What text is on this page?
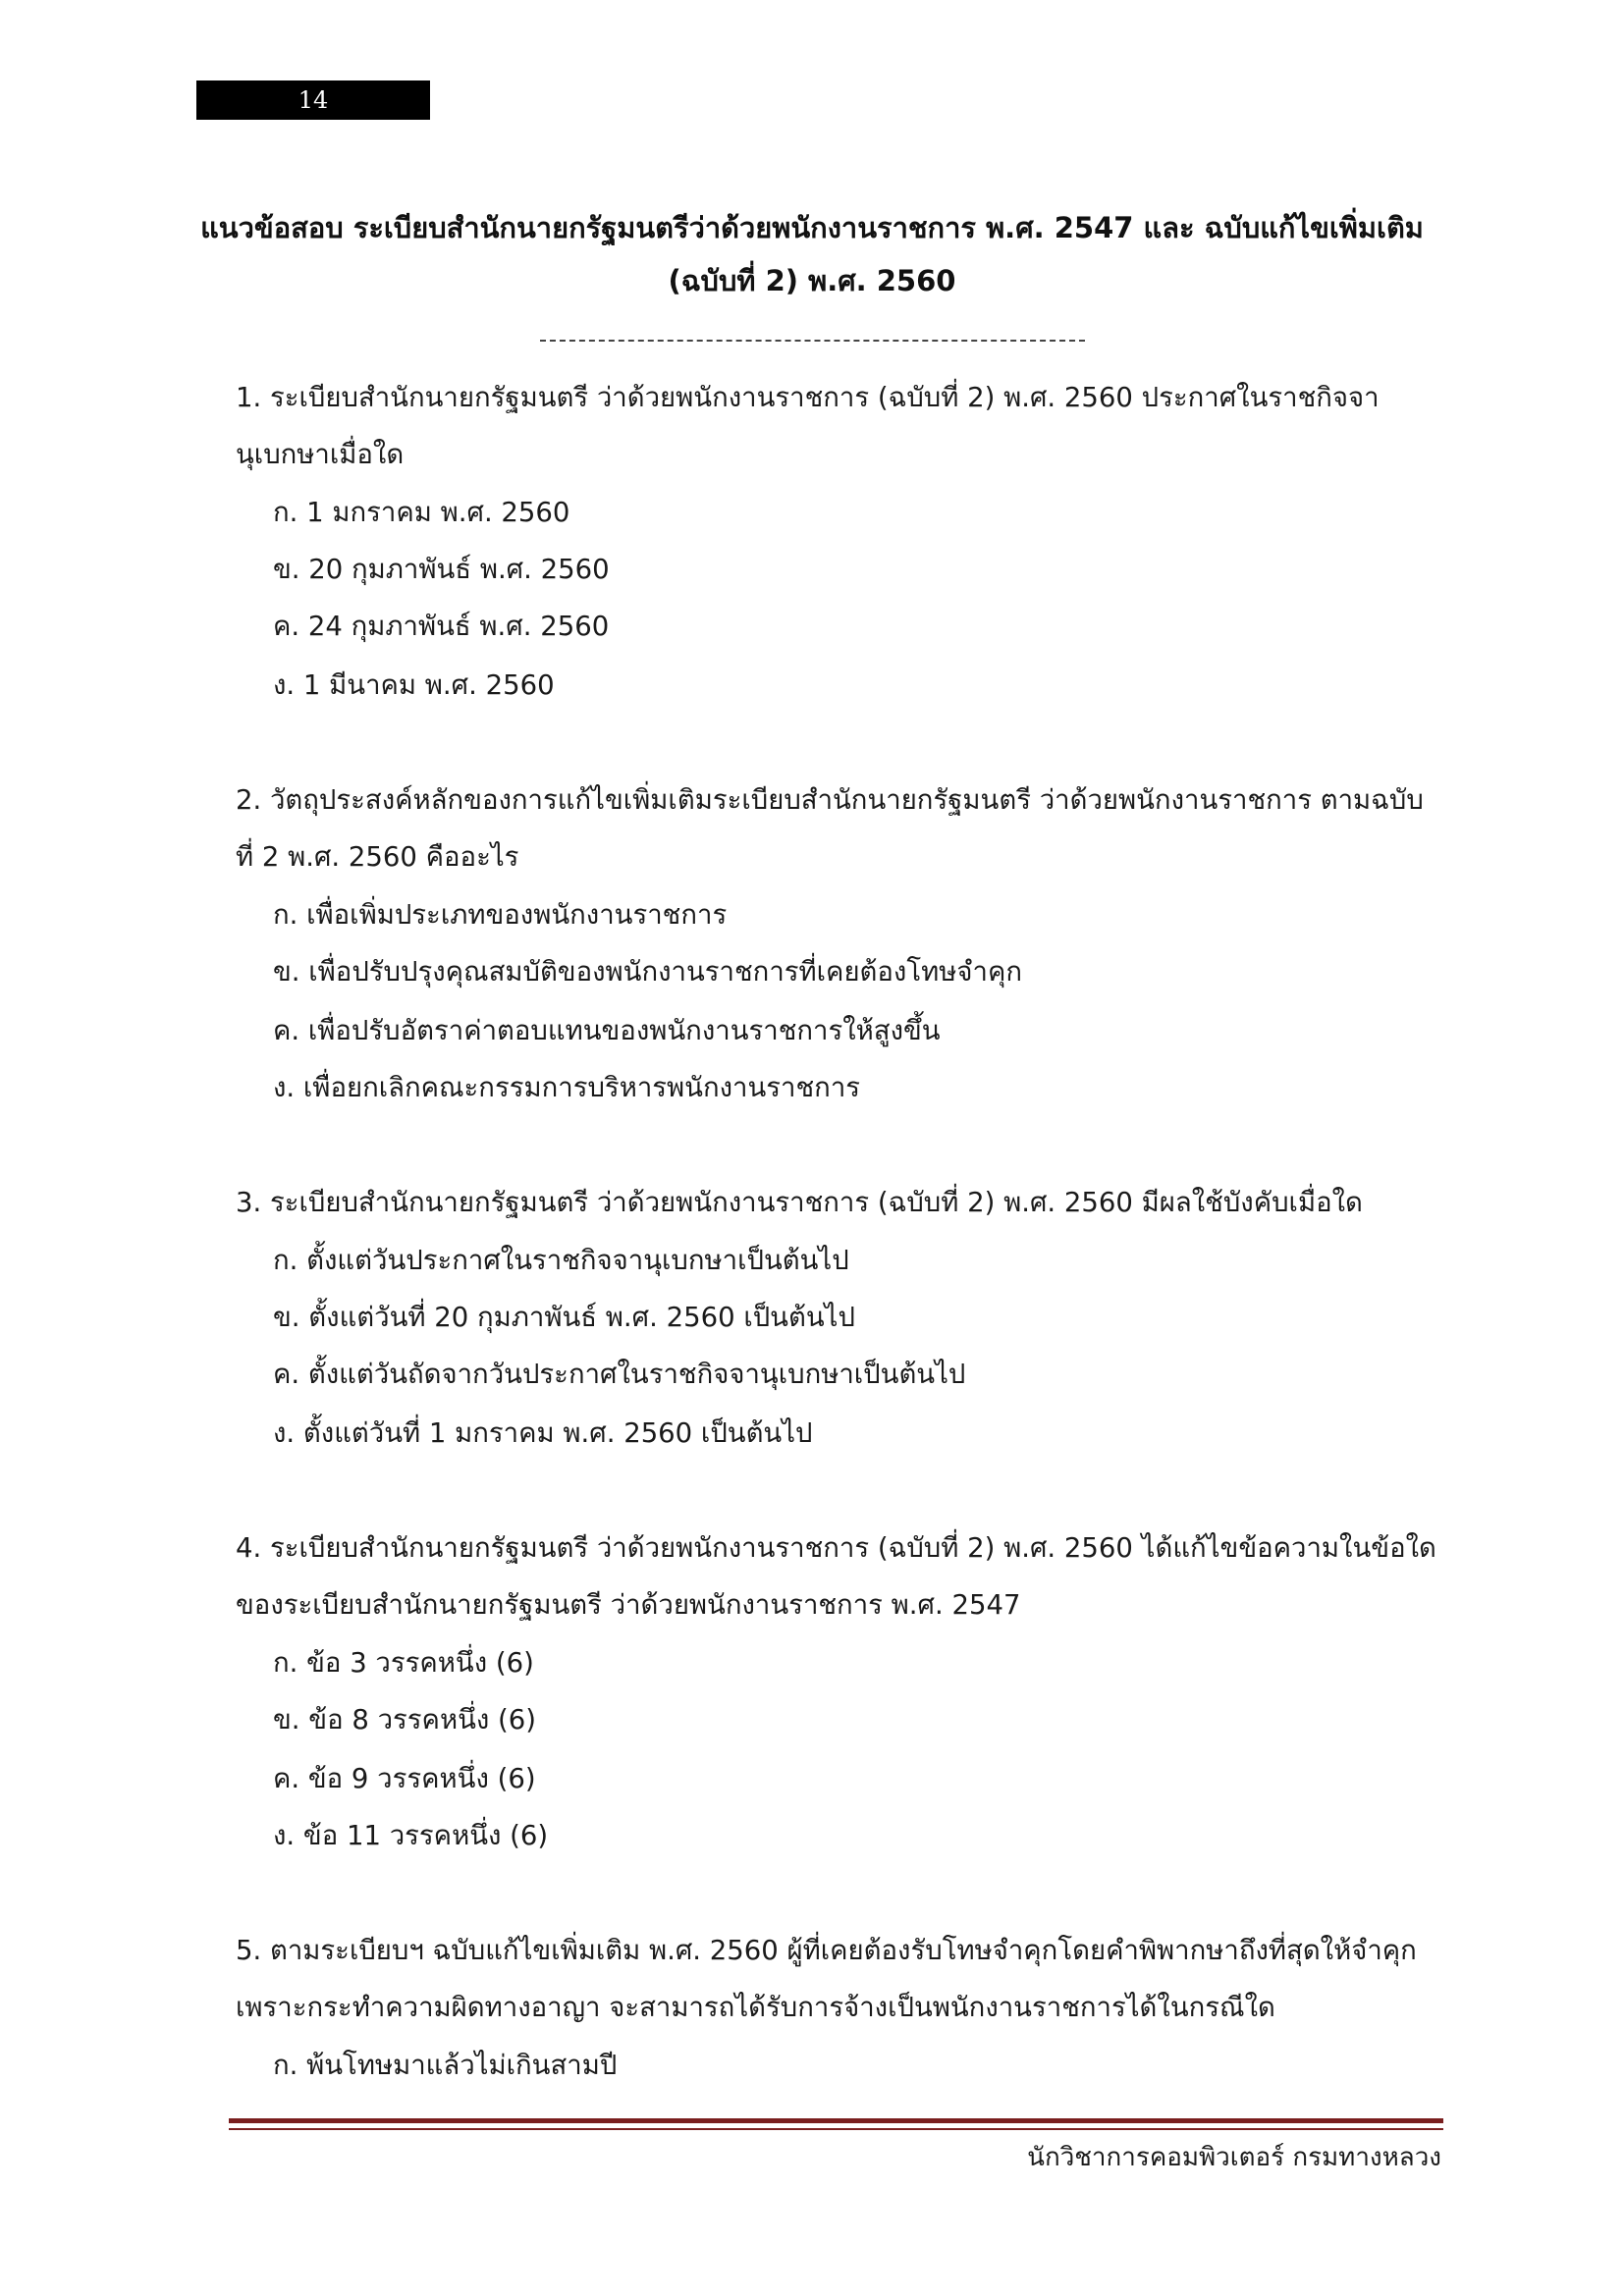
14
แนวข้อสอบ ระเบียบสำนักนายกรัฐมนตรีว่าด้วยพนักงานราชการ พ.ศ. 2547 และ ฉบับแก้ไขเพิ่มเติม
(ฉบับที่ 2) พ.ศ. 2560
1. ระเบียบสำนักนายกรัฐมนตรี ว่าด้วยพนักงานราชการ (ฉบับที่ 2) พ.ศ. 2560 ประกาศในราชกิจจา
นุเบกษาเมื่อใด
ก. 1 มกราคม พ.ศ. 2560
ข. 20 กุมภาพันธ์ พ.ศ. 2560
ค. 24 กุมภาพันธ์ พ.ศ. 2560
ง. 1 มีนาคม พ.ศ. 2560
2. วัตถุประสงค์หลักของการแก้ไขเพิ่มเติมระเบียบสำนักนายกรัฐมนตรี ว่าด้วยพนักงานราชการ ตามฉบับ
ที่ 2 พ.ศ. 2560 คืออะไร
ก. เพื่อเพิ่มประเภทของพนักงานราชการ
ข. เพื่อปรับปรุงคุณสมบัติของพนักงานราชการที่เคยต้องโทษจำคุก
ค. เพื่อปรับอัตราค่าตอบแทนของพนักงานราชการให้สูงขึ้น
ง. เพื่อยกเลิกคณะกรรมการบริหารพนักงานราชการ
3. ระเบียบสำนักนายกรัฐมนตรี ว่าด้วยพนักงานราชการ (ฉบับที่ 2) พ.ศ. 2560 มีผลใช้บังคับเมื่อใด
ก. ตั้งแต่วันประกาศในราชกิจจานุเบกษาเป็นต้นไป
ข. ตั้งแต่วันที่ 20 กุมภาพันธ์ พ.ศ. 2560 เป็นต้นไป
ค. ตั้งแต่วันถัดจากวันประกาศในราชกิจจานุเบกษาเป็นต้นไป
ง. ตั้งแต่วันที่ 1 มกราคม พ.ศ. 2560 เป็นต้นไป
4. ระเบียบสำนักนายกรัฐมนตรี ว่าด้วยพนักงานราชการ (ฉบับที่ 2) พ.ศ. 2560 ได้แก้ไขข้อความในข้อใด
ของระเบียบสำนักนายกรัฐมนตรี ว่าด้วยพนักงานราชการ พ.ศ. 2547
ก. ข้อ 3 วรรคหนึ่ง (6)
ข. ข้อ 8 วรรคหนึ่ง (6)
ค. ข้อ 9 วรรคหนึ่ง (6)
ง. ข้อ 11 วรรคหนึ่ง (6)
5. ตามระเบียบฯ ฉบับแก้ไขเพิ่มเติม พ.ศ. 2560 ผู้ที่เคยต้องรับโทษจำคุกโดยคำพิพากษาถึงที่สุดให้จำคุก
เพราะกระทำความผิดทางอาญา จะสามารถได้รับการจ้างเป็นพนักงานราชการได้ในกรณีใด
ก. พ้นโทษมาแล้วไม่เกินสามปี
นักวิชาการคอมพิวเตอร์ กรมทางหลวง
